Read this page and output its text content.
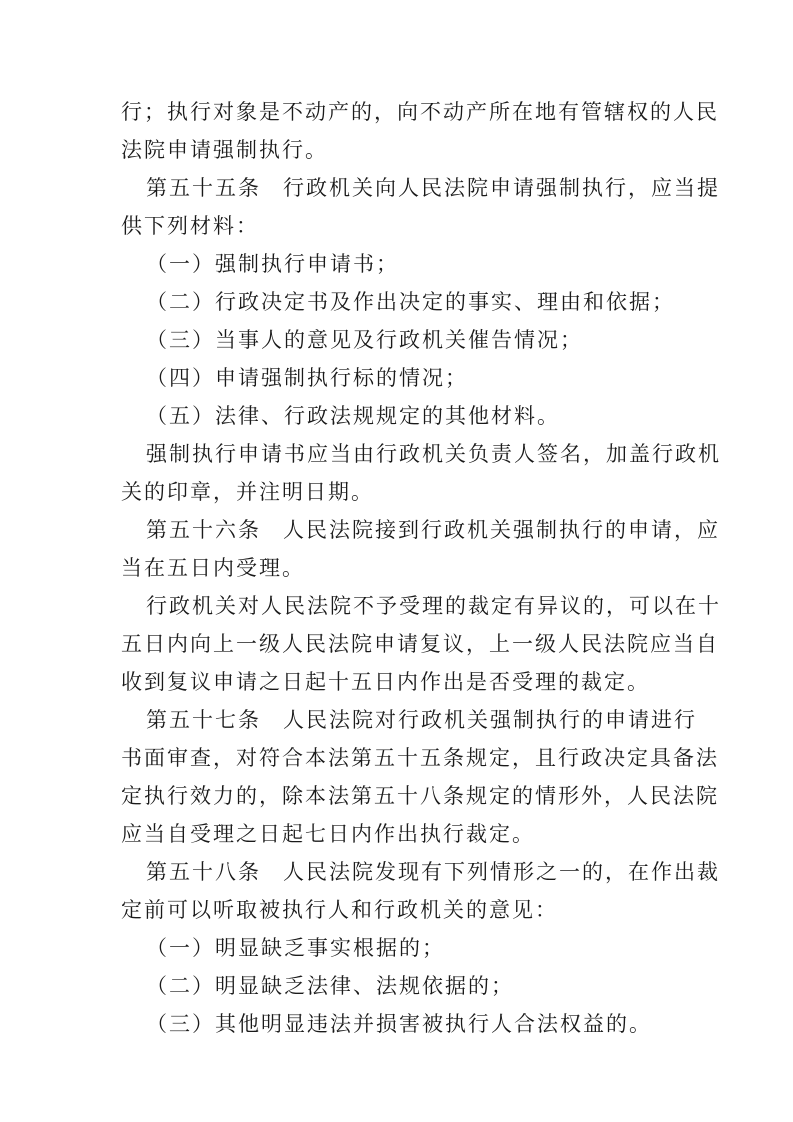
行；执行对象是不动产的，向不动产所在地有管辖权的人民
法院申请强制执行。
第五十五条 行政机关向人民法院申请强制执行，应当提
供下列材料：
（一）强制执行申请书；
（二）行政决定书及作出决定的事实、理由和依据；
（三）当事人的意见及行政机关催告情况；
（四）申请强制执行标的情况；
（五）法律、行政法规规定的其他材料。
强制执行申请书应当由行政机关负责人签名，加盖行政机
关的印章，并注明日期。
第五十六条 人民法院接到行政机关强制执行的申请，应
当在五日内受理。
行政机关对人民法院不予受理的裁定有异议的，可以在十
五日内向上一级人民法院申请复议，上一级人民法院应当自
收到复议申请之日起十五日内作出是否受理的裁定。
第五十七条 人民法院对行政机关强制执行的申请进行
书面审查，对符合本法第五十五条规定，且行政决定具备法
定执行效力的，除本法第五十八条规定的情形外，人民法院
应当自受理之日起七日内作出执行裁定。
第五十八条 人民法院发现有下列情形之一的，在作出裁
定前可以听取被执行人和行政机关的意见：
（一）明显缺乏事实根据的；
（二）明显缺乏法律、法规依据的；
（三）其他明显违法并损害被执行人合法权益的。
